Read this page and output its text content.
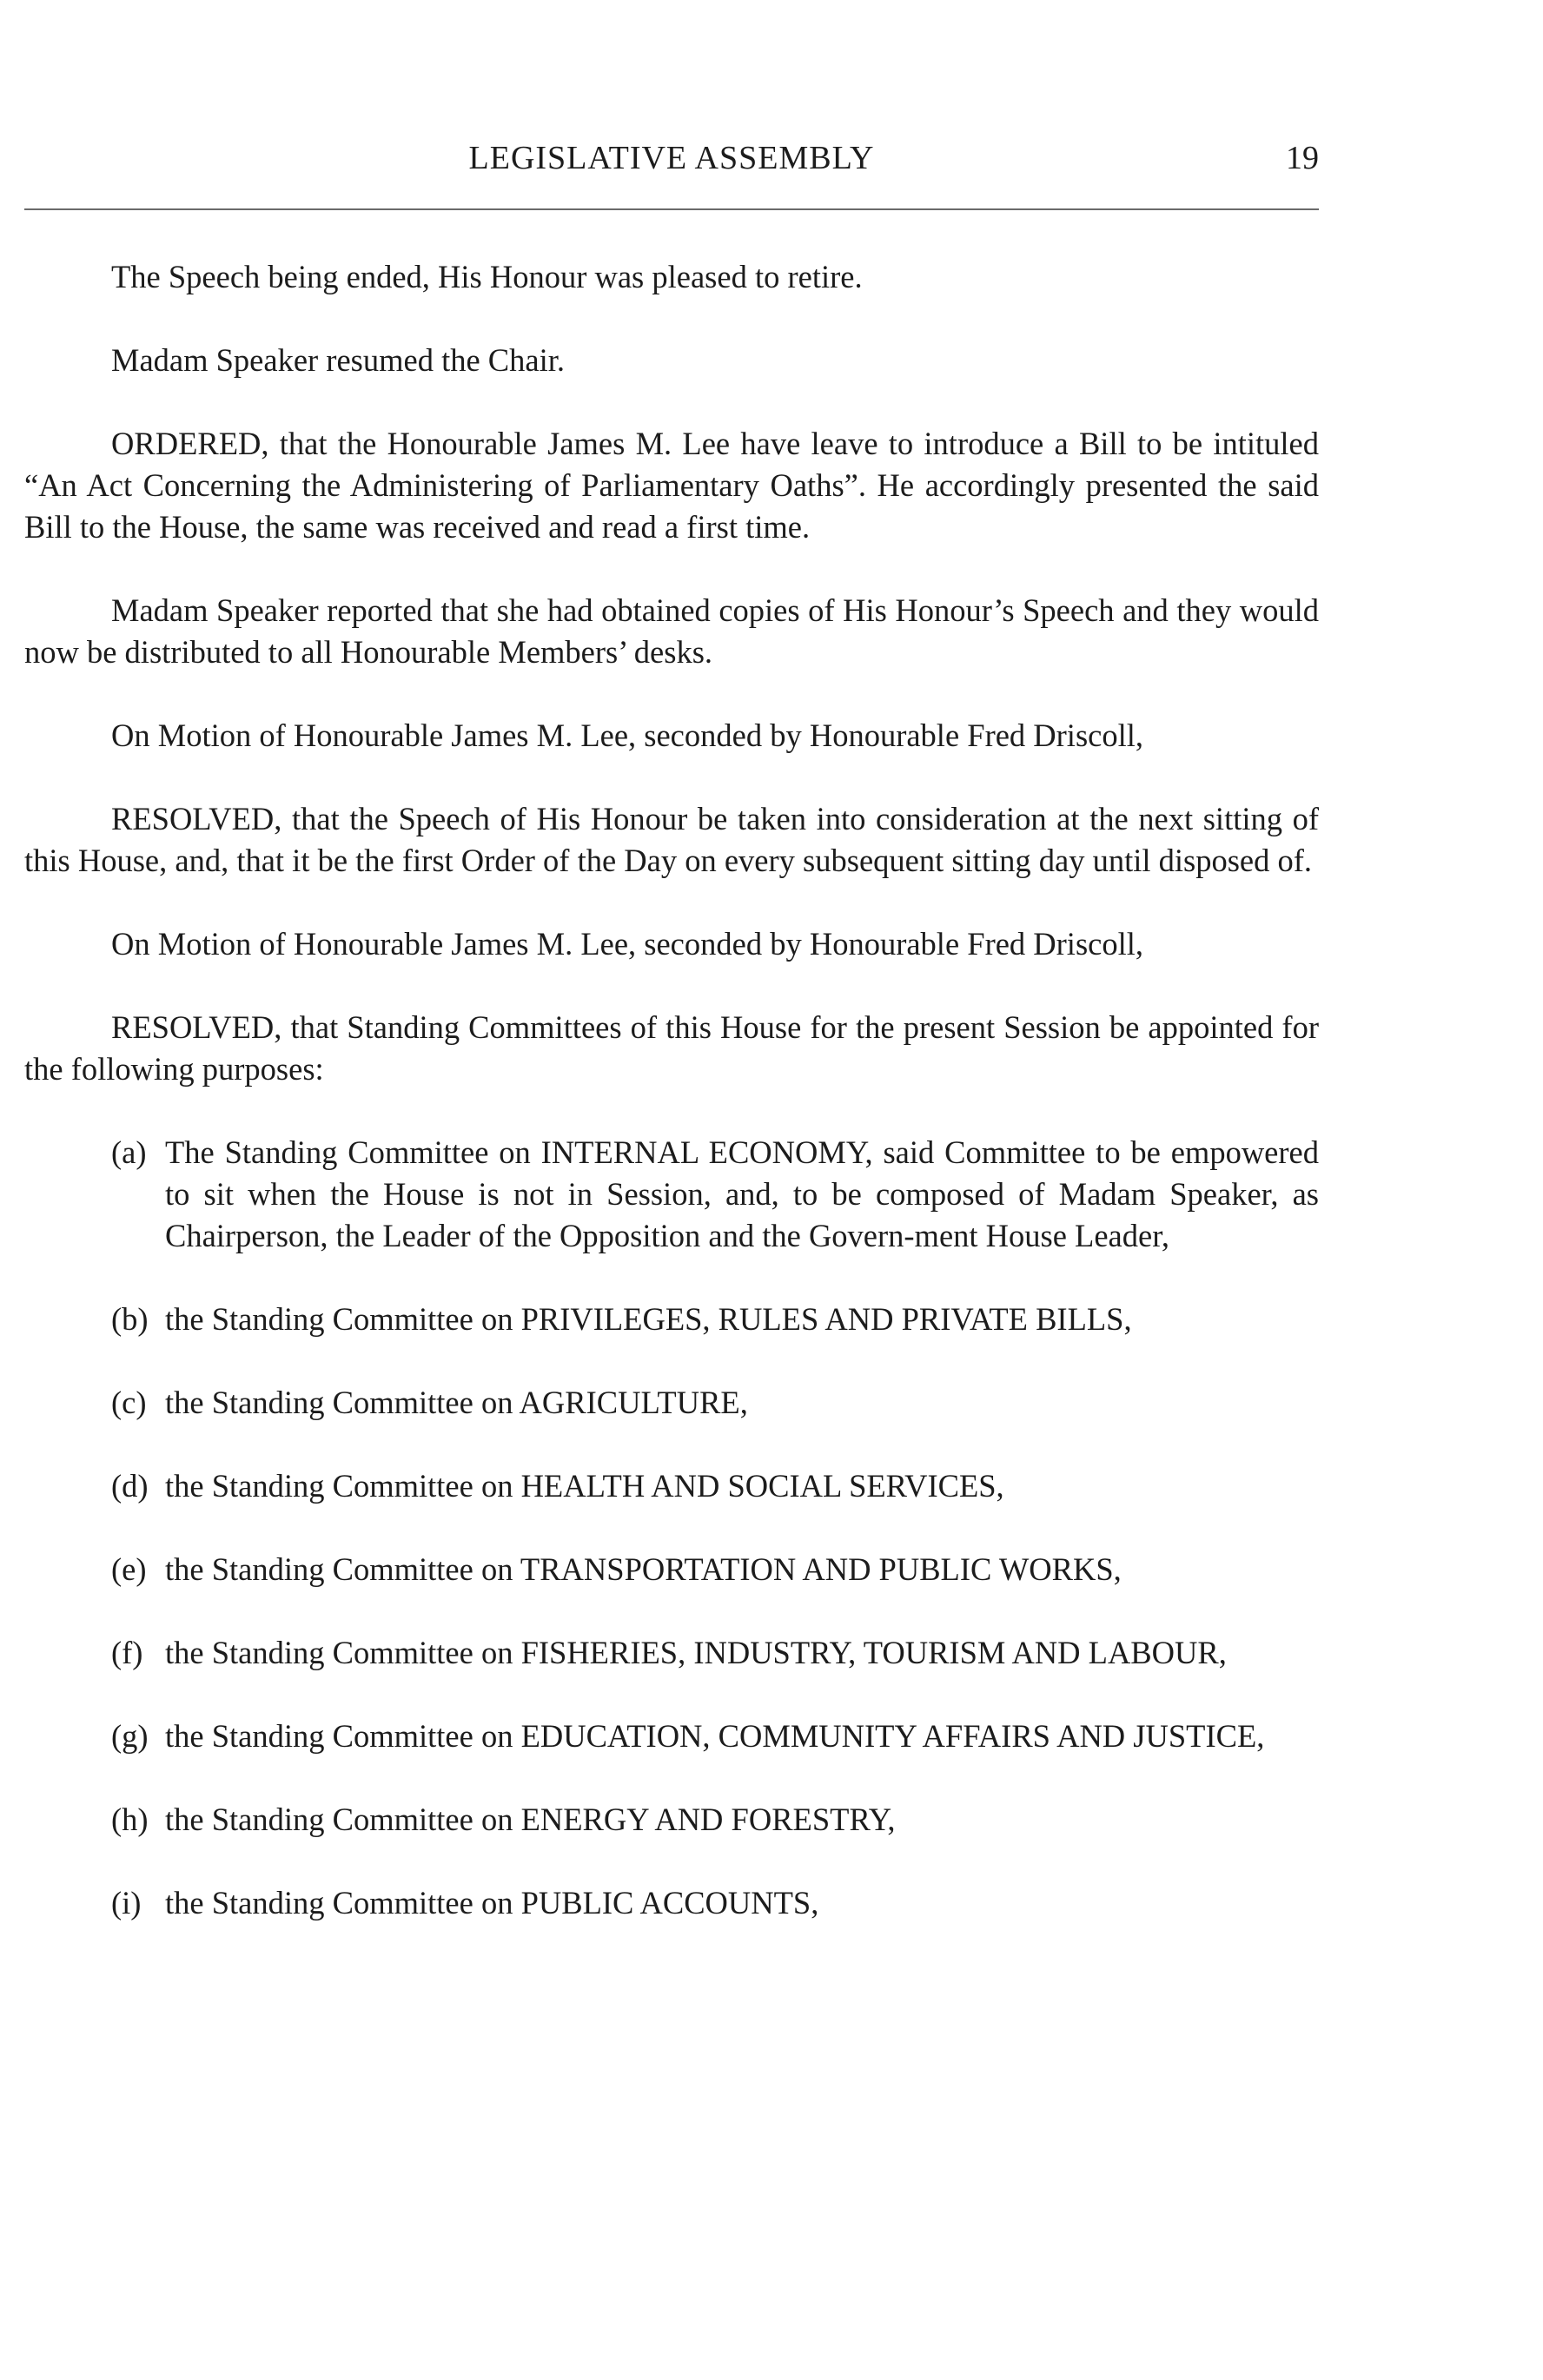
LEGISLATIVE ASSEMBLY	19

The Speech being ended, His Honour was pleased to retire.

Madam Speaker resumed the Chair.

ORDERED, that the Honourable James M. Lee have leave to introduce a Bill to be intituled “An Act Concerning the Administering of Parliamentary Oaths”. He accordingly presented the said Bill to the House, the same was received and read a first time.

Madam Speaker reported that she had obtained copies of His Honour’s Speech and they would now be distributed to all Honourable Members’ desks.

On Motion of Honourable James M. Lee, seconded by Honourable Fred Driscoll,

RESOLVED, that the Speech of His Honour be taken into consideration at the next sitting of this House, and, that it be the first Order of the Day on every subsequent sitting day until disposed of.

On Motion of Honourable James M. Lee, seconded by Honourable Fred Driscoll,

RESOLVED, that Standing Committees of this House for the present Session be appointed for the following purposes:

(a) The Standing Committee on INTERNAL ECONOMY, said Committee to be empowered to sit when the House is not in Session, and, to be composed of Madam Speaker, as Chairperson, the Leader of the Opposition and the Govern-ment House Leader,
(b) the Standing Committee on PRIVILEGES, RULES AND PRIVATE BILLS,
(c) the Standing Committee on AGRICULTURE,
(d) the Standing Committee on HEALTH AND SOCIAL SERVICES,
(e) the Standing Committee on TRANSPORTATION AND PUBLIC WORKS,
(f) the Standing Committee on FISHERIES, INDUSTRY, TOURISM AND LABOUR,
(g) the Standing Committee on EDUCATION, COMMUNITY AFFAIRS AND JUSTICE,
(h) the Standing Committee on ENERGY AND FORESTRY,
(i) the Standing Committee on PUBLIC ACCOUNTS,
